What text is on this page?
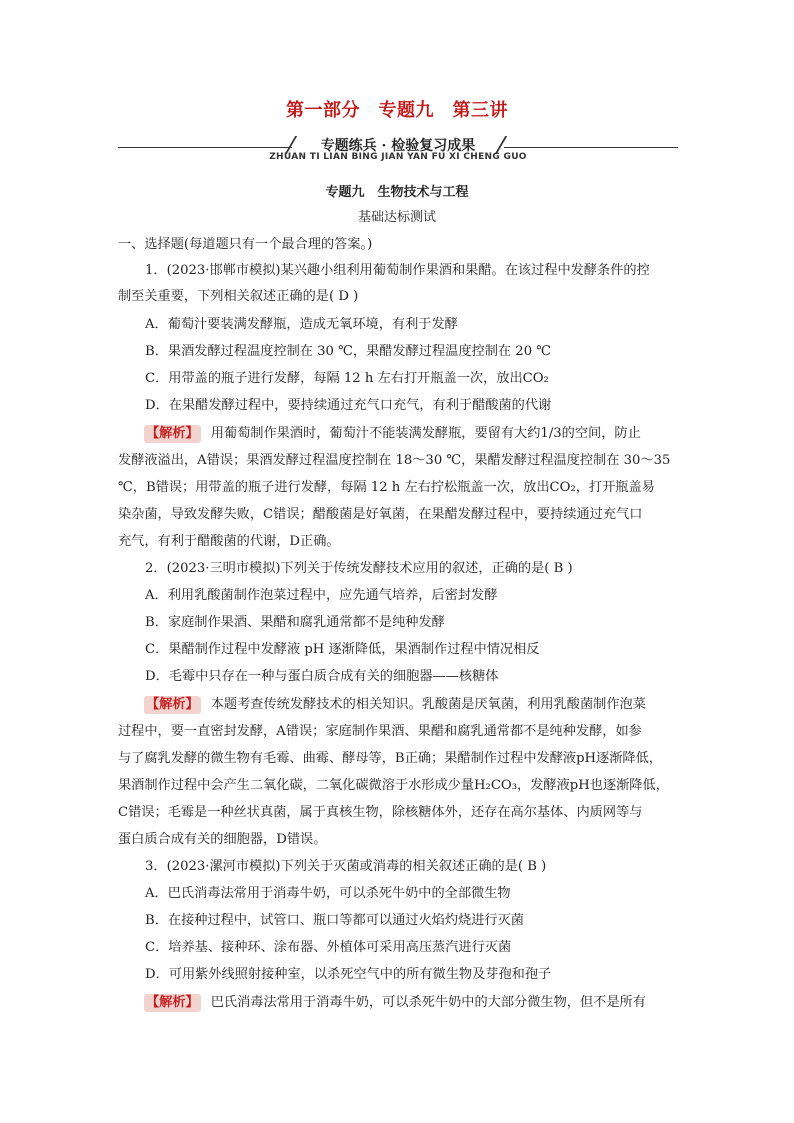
第一部分　专题九　第三讲
专题练兵 · 检验复习成果
ZHUAN TI LIAN BING JIAN YAN FU XI CHENG GUO
专题九　生物技术与工程
基础达标测试
一、选择题(每道题只有一个最合理的答案。)
1．(2023·邯郸市模拟)某兴趣小组利用葡萄制作果酒和果醋。在该过程中发酵条件的控
制至关重要，下列相关叙述正确的是( D )
A．葡萄汁要装满发酵瓶，造成无氧环境，有利于发酵
B．果酒发酵过程温度控制在 30 ℃，果醋发酵过程温度控制在 20 ℃
C．用带盖的瓶子进行发酵，每隔 12 h 左右打开瓶盖一次，放出CO₂
D．在果醋发酵过程中，要持续通过充气口充气，有利于醋酸菌的代谢
【解析】 用葡萄制作果酒时，葡萄汁不能装满发酵瓶，要留有大约1/3的空间，防止
发酵液溢出，A错误；果酒发酵过程温度控制在 18～30 ℃，果醋发酵过程温度控制在 30～35
℃，B错误；用带盖的瓶子进行发酵，每隔 12 h 左右拧松瓶盖一次，放出CO₂，打开瓶盖易
染杂菌，导致发酵失败，C错误；醋酸菌是好氧菌，在果醋发酵过程中，要持续通过充气口
充气，有利于醋酸菌的代谢，D正确。
2．(2023·三明市模拟)下列关于传统发酵技术应用的叙述，正确的是( B )
A．利用乳酸菌制作泡菜过程中，应先通气培养，后密封发酵
B．家庭制作果酒、果醋和腐乳通常都不是纯种发酵
C．果醋制作过程中发酵液 pH 逐渐降低，果酒制作过程中情况相反
D．毛霉中只存在一种与蛋白质合成有关的细胞器——核糖体
【解析】 本题考查传统发酵技术的相关知识。乳酸菌是厌氧菌，利用乳酸菌制作泡菜
过程中，要一直密封发酵，A错误；家庭制作果酒、果醋和腐乳通常都不是纯种发酵，如参
与了腐乳发酵的微生物有毛霉、曲霉、酵母等，B正确；果醋制作过程中发酵液pH逐渐降低，
果酒制作过程中会产生二氧化碳，二氧化碳微溶于水形成少量H₂CO₃，发酵液pH也逐渐降低，
C错误；毛霉是一种丝状真菌，属于真核生物，除核糖体外，还存在高尔基体、内质网等与
蛋白质合成有关的细胞器，D错误。
3．(2023·漯河市模拟)下列关于灭菌或消毒的相关叙述正确的是( B )
A．巴氏消毒法常用于消毒牛奶，可以杀死牛奶中的全部微生物
B．在接种过程中，试管口、瓶口等都可以通过火焰灼烧进行灭菌
C．培养基、接种环、涂布器、外植体可采用高压蒸汽进行灭菌
D．可用紫外线照射接种室，以杀死空气中的所有微生物及芽孢和孢子
【解析】 巴氏消毒法常用于消毒牛奶，可以杀死牛奶中的大部分微生物，但不是所有
